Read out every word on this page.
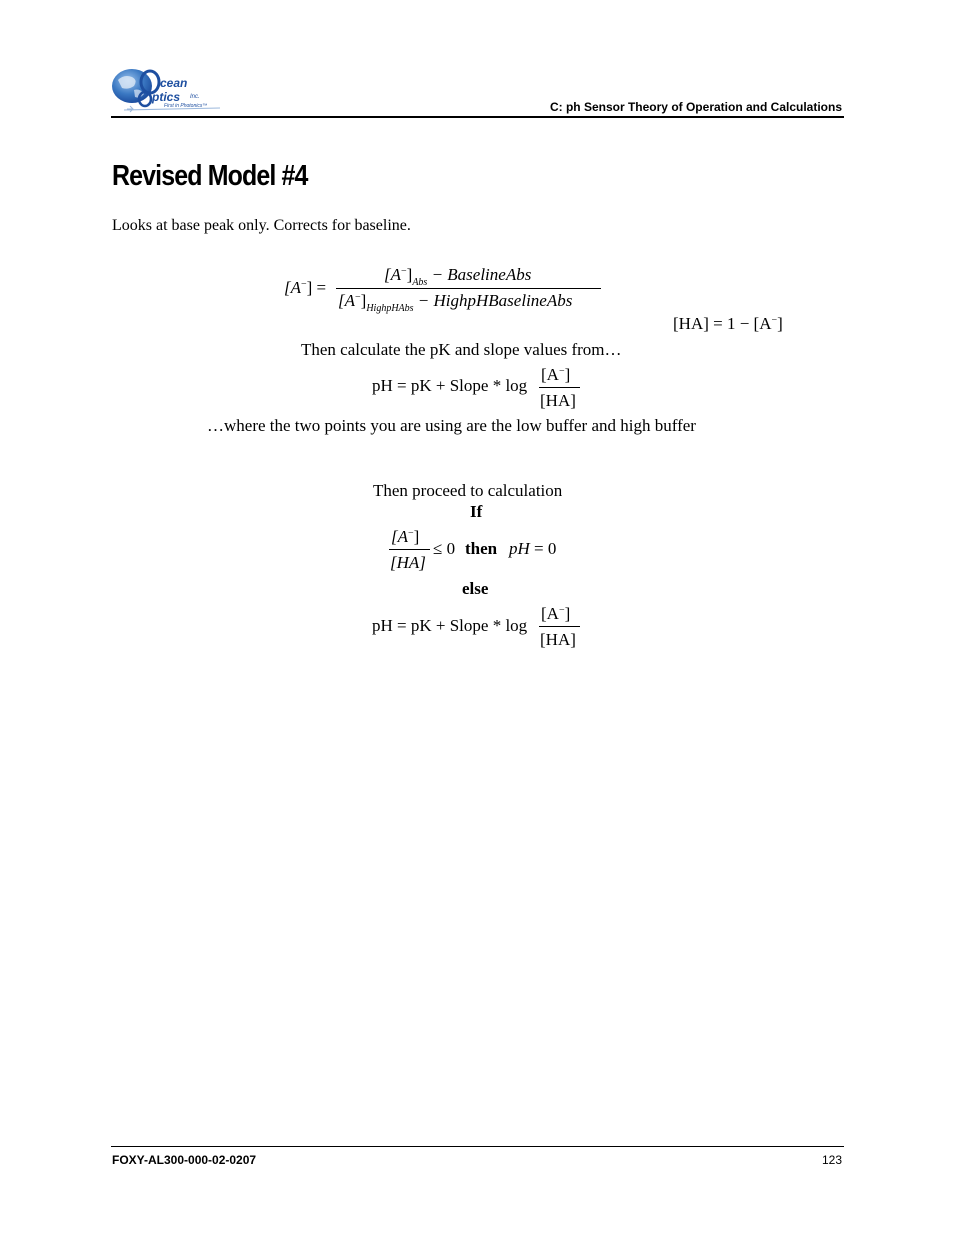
cean
ptics Inc.
First in Photonics™	C: ph Sensor Theory of Operation and Calculations
Revised Model #4
Looks at base peak only. Corrects for baseline.
[A−] =
$[A^-]_{Abs}$ − BaselineAbs
$[A^-]_{HighpHAbs}$ − HighpHBaselineAbs
[HA] = 1 − [A−]
Then calculate the pK and slope values from…
pH = pK + Slope * log
[A−]
[HA]
…where the two points you are using are the low buffer and high buffer
Then proceed to calculation
If
[A−]
[HA]
≤ 0 then pH = 0
else
pH = pK + Slope * log
[A−]
[HA]
FOXY-AL300-000-02-0207	123
